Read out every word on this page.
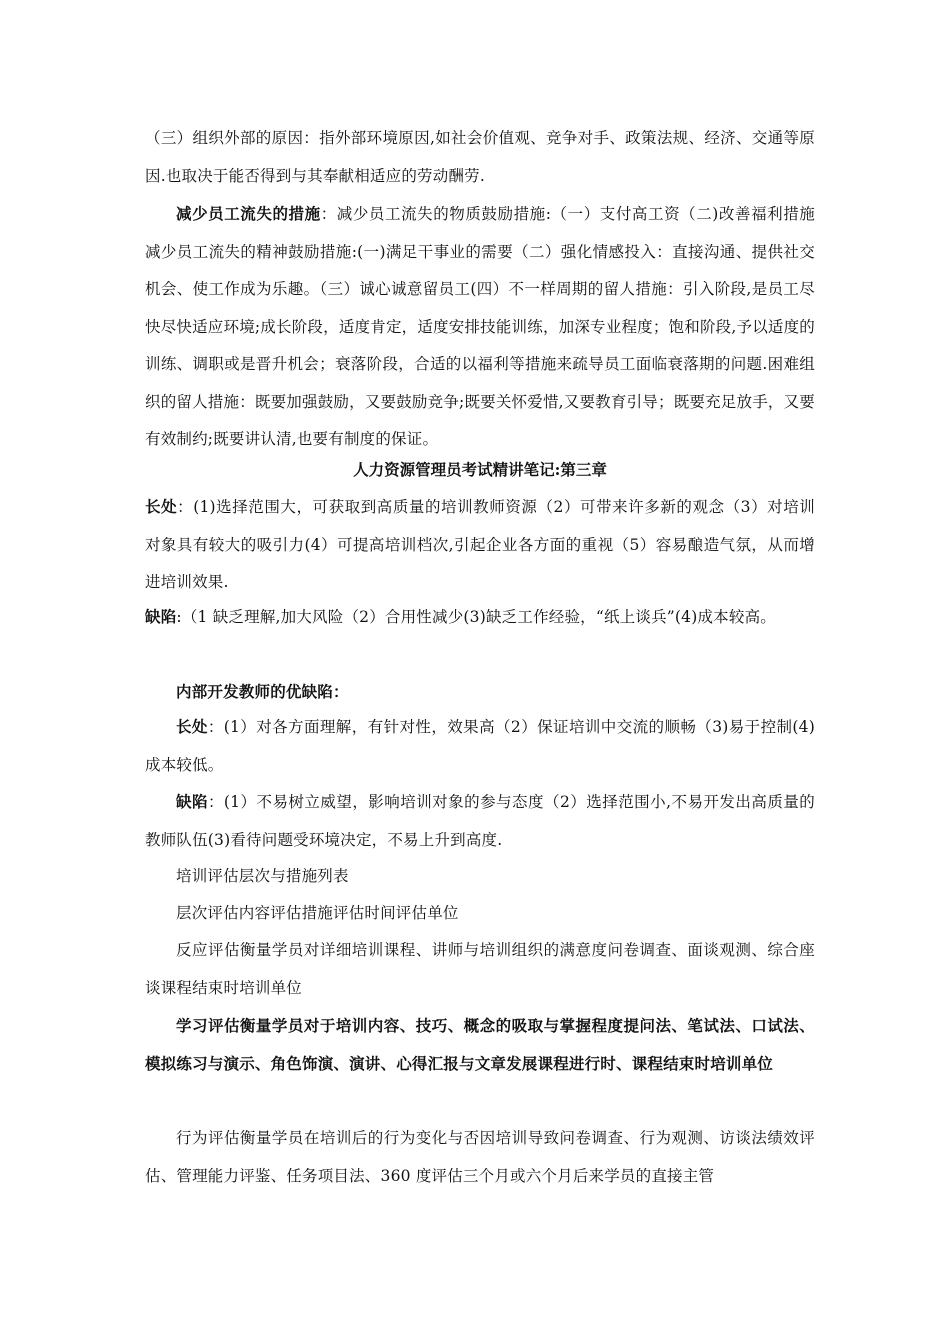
（三）组织外部的原因：指外部环境原因,如社会价值观、竞争对手、政策法规、经济、交通等原因.也取决于能否得到与其奉献相适应的劳动酬劳.

减少员工流失的措施：减少员工流失的物质鼓励措施:（一）支付高工资（二)改善福利措施减少员工流失的精神鼓励措施:(一)满足干事业的需要（二）强化情感投入：直接沟通、提供社交机会、使工作成为乐趣。（三）诚心诚意留员工(四）不一样周期的留人措施：引入阶段,是员工尽快尽快适应环境;成长阶段，适度肯定，适度安排技能训练，加深专业程度；饱和阶段,予以适度的训练、调职或是晋升机会；衰落阶段，合适的以福利等措施来疏导员工面临衰落期的问题.困难组织的留人措施：既要加强鼓励，又要鼓励竞争;既要关怀爱惜,又要教育引导；既要充足放手，又要有效制约;既要讲认清,也要有制度的保证。

人力资源管理员考试精讲笔记:第三章

长处：(1)选择范围大，可获取到高质量的培训教师资源（2）可带来许多新的观念（3）对培训对象具有较大的吸引力(4）可提高培训档次,引起企业各方面的重视（5）容易酿造气氛，从而增进培训效果.

缺陷:（1 缺乏理解,加大风险（2）合用性减少(3)缺乏工作经验，“纸上谈兵”(4)成本较高。

内部开发教师的优缺陷：

长处：(1）对各方面理解，有针对性，效果高（2）保证培训中交流的顺畅（3)易于控制(4)成本较低。

缺陷：(1）不易树立威望，影响培训对象的参与态度（2）选择范围小,不易开发出高质量的教师队伍(3)看待问题受环境决定，不易上升到高度.

培训评估层次与措施列表

层次评估内容评估措施评估时间评估单位

反应评估衡量学员对详细培训课程、讲师与培训组织的满意度问卷调查、面谈观测、综合座谈课程结束时培训单位

学习评估衡量学员对于培训内容、技巧、概念的吸取与掌握程度提问法、笔试法、口试法、模拟练习与演示、角色饰演、演讲、心得汇报与文章发展课程进行时、课程结束时培训单位

行为评估衡量学员在培训后的行为变化与否因培训导致问卷调查、行为观测、访谈法绩效评估、管理能力评鉴、任务项目法、360 度评估三个月或六个月后来学员的直接主管
